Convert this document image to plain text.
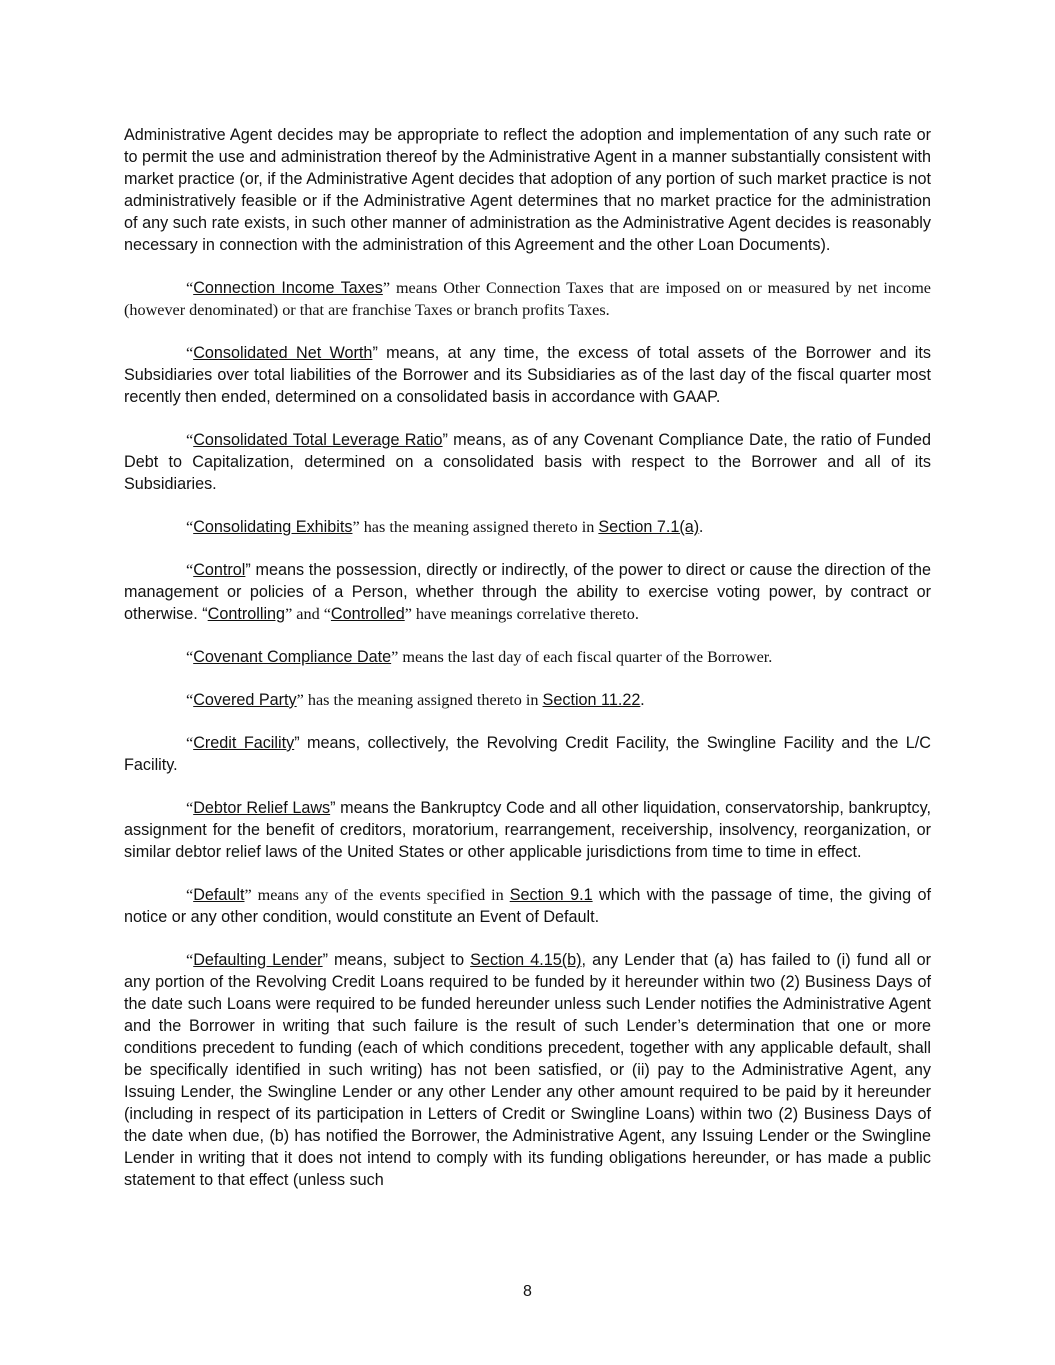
Administrative Agent decides may be appropriate to reflect the adoption and implementation of any such rate or to permit the use and administration thereof by the Administrative Agent in a manner substantially consistent with market practice (or, if the Administrative Agent decides that adoption of any portion of such market practice is not administratively feasible or if the Administrative Agent determines that no market practice for the administration of any such rate exists, in such other manner of administration as the Administrative Agent decides is reasonably necessary in connection with the administration of this Agreement and the other Loan Documents).

“Connection Income Taxes” means Other Connection Taxes that are imposed on or measured by net income (however denominated) or that are franchise Taxes or branch profits Taxes.

“Consolidated Net Worth” means, at any time, the excess of total assets of the Borrower and its Subsidiaries over total liabilities of the Borrower and its Subsidiaries as of the last day of the fiscal quarter most recently then ended, determined on a consolidated basis in accordance with GAAP.

“Consolidated Total Leverage Ratio” means, as of any Covenant Compliance Date, the ratio of Funded Debt to Capitalization, determined on a consolidated basis with respect to the Borrower and all of its Subsidiaries.

“Consolidating Exhibits” has the meaning assigned thereto in Section 7.1(a).

“Control” means the possession, directly or indirectly, of the power to direct or cause the direction of the management or policies of a Person, whether through the ability to exercise voting power, by contract or otherwise. “Controlling” and “Controlled” have meanings correlative thereto.

“Covenant Compliance Date” means the last day of each fiscal quarter of the Borrower.

“Covered Party” has the meaning assigned thereto in Section 11.22.

“Credit Facility” means, collectively, the Revolving Credit Facility, the Swingline Facility and the L/C Facility.

“Debtor Relief Laws” means the Bankruptcy Code and all other liquidation, conservatorship, bankruptcy, assignment for the benefit of creditors, moratorium, rearrangement, receivership, insolvency, reorganization, or similar debtor relief laws of the United States or other applicable jurisdictions from time to time in effect.

“Default” means any of the events specified in Section 9.1 which with the passage of time, the giving of notice or any other condition, would constitute an Event of Default.

“Defaulting Lender” means, subject to Section 4.15(b), any Lender that (a) has failed to (i) fund all or any portion of the Revolving Credit Loans required to be funded by it hereunder within two (2) Business Days of the date such Loans were required to be funded hereunder unless such Lender notifies the Administrative Agent and the Borrower in writing that such failure is the result of such Lender’s determination that one or more conditions precedent to funding (each of which conditions precedent, together with any applicable default, shall be specifically identified in such writing) has not been satisfied, or (ii) pay to the Administrative Agent, any Issuing Lender, the Swingline Lender or any other Lender any other amount required to be paid by it hereunder (including in respect of its participation in Letters of Credit or Swingline Loans) within two (2) Business Days of the date when due, (b) has notified the Borrower, the Administrative Agent, any Issuing Lender or the Swingline Lender in writing that it does not intend to comply with its funding obligations hereunder, or has made a public statement to that effect (unless such

8
